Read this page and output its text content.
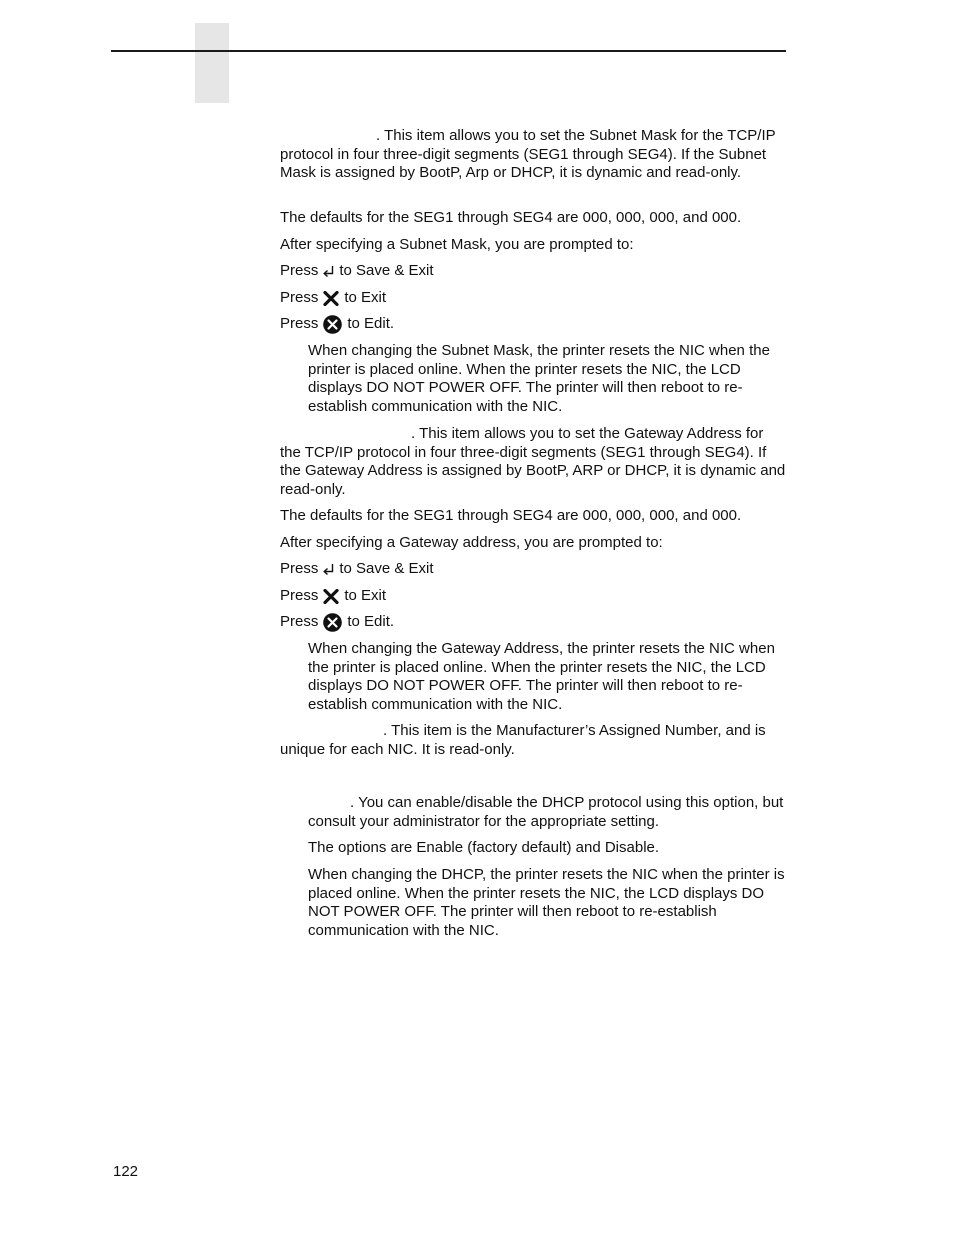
. This item allows you to set the Subnet Mask for the TCP/IP protocol in four three-digit segments (SEG1 through SEG4). If the Subnet Mask is assigned by BootP, Arp or DHCP, it is dynamic and read-only.

The defaults for the SEG1 through SEG4 are 000, 000, 000, and 000.

After specifying a Subnet Mask, you are prompted to:

Press to Save & Exit
Press to Exit
Press to Edit.

When changing the Subnet Mask, the printer resets the NIC when the printer is placed online. When the printer resets the NIC, the LCD displays DO NOT POWER OFF. The printer will then reboot to re-establish communication with the NIC.

. This item allows you to set the Gateway Address for the TCP/IP protocol in four three-digit segments (SEG1 through SEG4). If the Gateway Address is assigned by BootP, ARP or DHCP, it is dynamic and read-only.

The defaults for the SEG1 through SEG4 are 000, 000, 000, and 000.

After specifying a Gateway address, you are prompted to:

Press to Save & Exit
Press to Exit
Press to Edit.

When changing the Gateway Address, the printer resets the NIC when the printer is placed online. When the printer resets the NIC, the LCD displays DO NOT POWER OFF. The printer will then reboot to re-establish communication with the NIC.

. This item is the Manufacturer’s Assigned Number, and is unique for each NIC. It is read-only.

. You can enable/disable the DHCP protocol using this option, but consult your administrator for the appropriate setting.

The options are Enable (factory default) and Disable.

When changing the DHCP, the printer resets the NIC when the printer is placed online. When the printer resets the NIC, the LCD displays DO NOT POWER OFF. The printer will then reboot to re-establish communication with the NIC.

122
